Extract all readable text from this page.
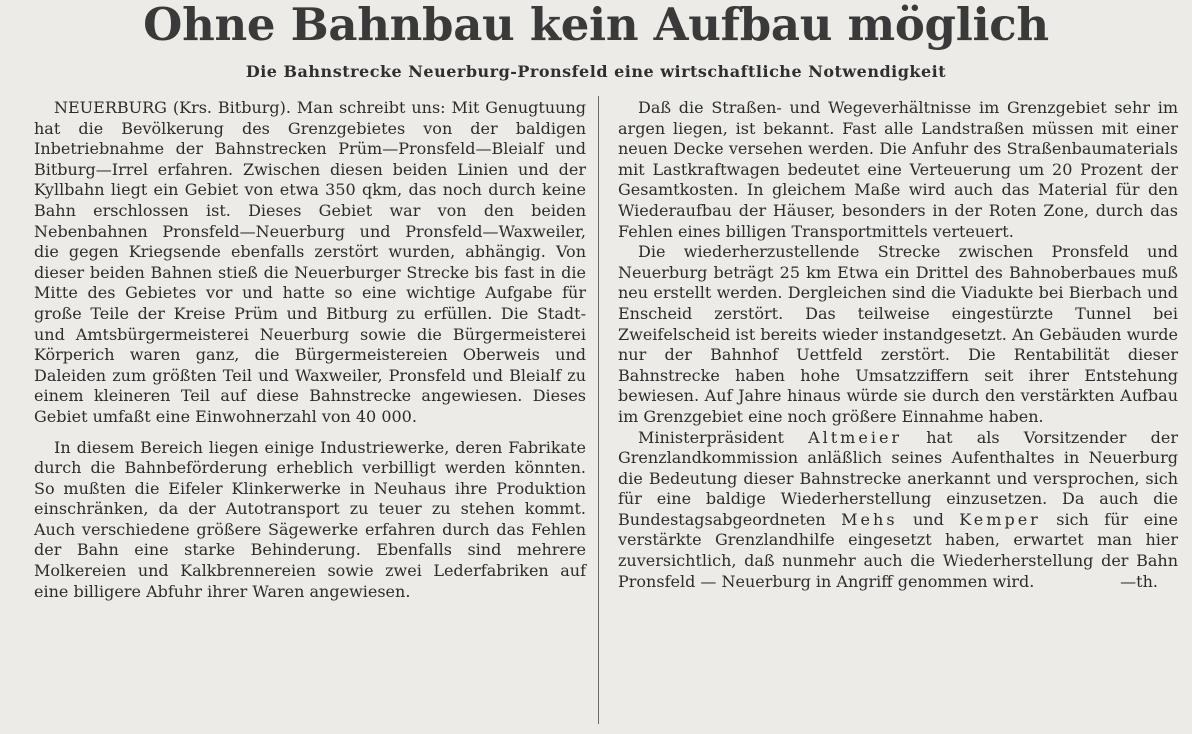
Ohne Bahnbau kein Aufbau möglich
Die Bahnstrecke Neuerburg-Pronsfeld eine wirtschaftliche Notwendigkeit

NEUERBURG (Krs. Bitburg). Man schreibt uns: Mit Genugtuung hat die Bevölkerung des Grenzgebietes von der baldigen Inbetriebnahme der Bahnstrecken Prüm—Pronsfeld—Bleialf und Bitburg—Irrel erfahren. Zwischen diesen beiden Linien und der Kyllbahn liegt ein Gebiet von etwa 350 qkm, das noch durch keine Bahn erschlossen ist. Dieses Gebiet war von den beiden Nebenbahnen Pronsfeld—Neuerburg und Pronsfeld—Waxweiler, die gegen Kriegsende ebenfalls zerstört wurden, abhängig. Von dieser beiden Bahnen stieß die Neuerburger Strecke bis fast in die Mitte des Gebietes vor und hatte so eine wichtige Aufgabe für große Teile der Kreise Prüm und Bitburg zu erfüllen. Die Stadt- und Amtsbürgermeisterei Neuerburg sowie die Bürgermeisterei Körperich waren ganz, die Bürgermeistereien Oberweis und Daleiden zum größten Teil und Waxweiler, Pronsfeld und Bleialf zu einem kleineren Teil auf diese Bahnstrecke angewiesen. Dieses Gebiet umfaßt eine Einwohnerzahl von 40 000.

In diesem Bereich liegen einige Industriewerke, deren Fabrikate durch die Bahnbeförderung erheblich verbilligt werden könnten. So mußten die Eifeler Klinkerwerke in Neuhaus ihre Produktion einschränken, da der Autotransport zu teuer zu stehen kommt. Auch verschiedene größere Sägewerke erfahren durch das Fehlen der Bahn eine starke Behinderung. Ebenfalls sind mehrere Molkereien und Kalkbrennereien sowie zwei Lederfabriken auf eine billigere Abfuhr ihrer Waren angewiesen.

Daß die Straßen- und Wegeverhältnisse im Grenzgebiet sehr im argen liegen, ist bekannt. Fast alle Landstraßen müssen mit einer neuen Decke versehen werden. Die Anfuhr des Straßenbaumaterials mit Lastkraftwagen bedeutet eine Verteuerung um 20 Prozent der Gesamtkosten. In gleichem Maße wird auch das Material für den Wiederaufbau der Häuser, besonders in der Roten Zone, durch das Fehlen eines billigen Transportmittels verteuert.

Die wiederherzustellende Strecke zwischen Pronsfeld und Neuerburg beträgt 25 km Etwa ein Drittel des Bahnoberbaues muß neu erstellt werden. Dergleichen sind die Viadukte bei Bierbach und Enscheid zerstört. Das teilweise eingestürzte Tunnel bei Zweifelscheid ist bereits wieder instandgesetzt. An Gebäuden wurde nur der Bahnhof Uettfeld zerstört. Die Rentabilität dieser Bahnstrecke haben hohe Umsatzziffern seit ihrer Entstehung bewiesen. Auf Jahre hinaus würde sie durch den verstärkten Aufbau im Grenzgebiet eine noch größere Einnahme haben.

Ministerpräsident Altmeier hat als Vorsitzender der Grenzlandkommission anläßlich seines Aufenthaltes in Neuerburg die Bedeutung dieser Bahnstrecke anerkannt und versprochen, sich für eine baldige Wiederherstellung einzusetzen. Da auch die Bundestagsabgeordneten Mehs und Kemper sich für eine verstärkte Grenzlandhilfe eingesetzt haben, erwartet man hier zuversichtlich, daß nunmehr auch die Wiederherstellung der Bahn Pronsfeld — Neuerburg in Angriff genommen wird.	—th.
